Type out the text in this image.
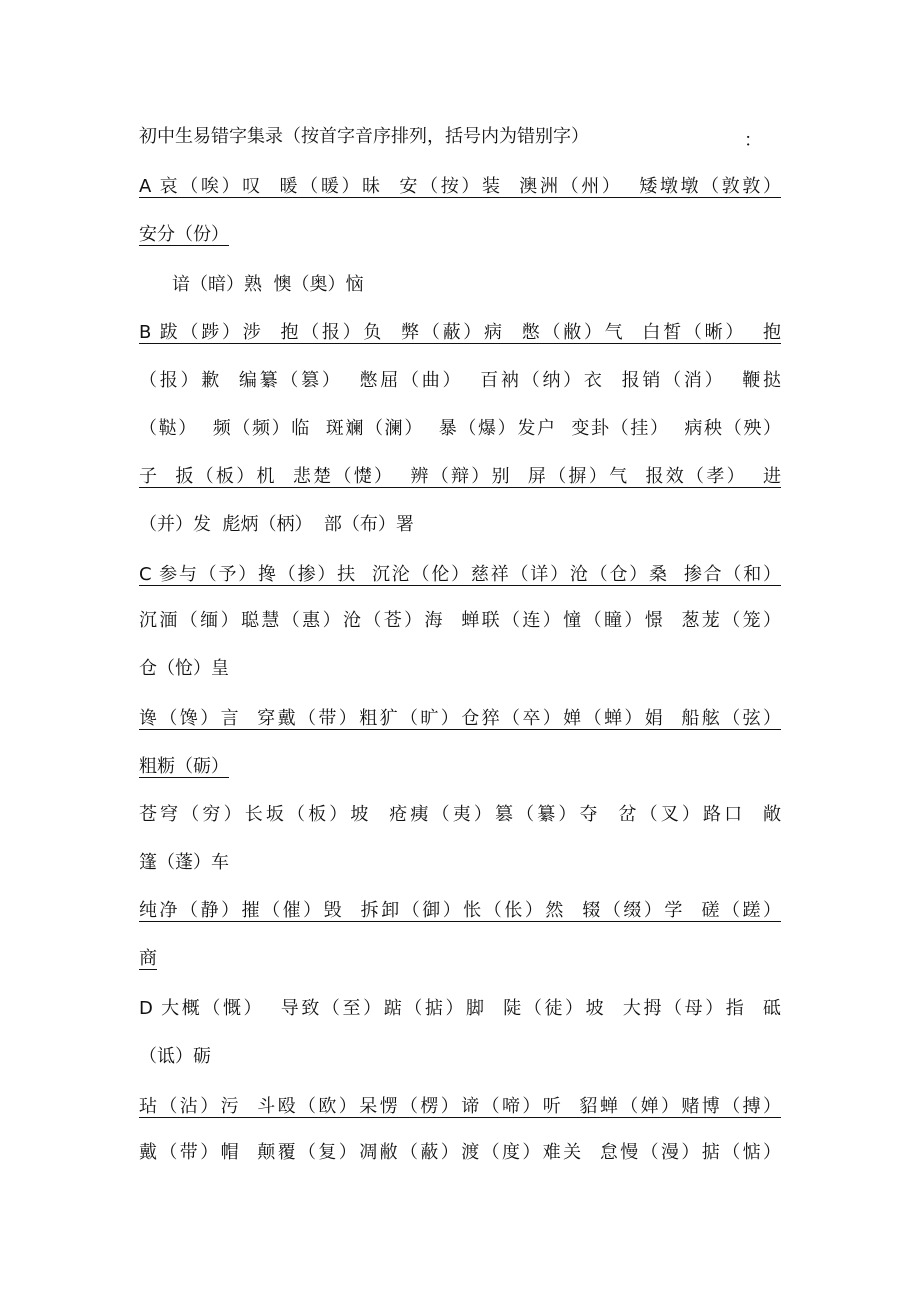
初中生易错字集录（按首字音序排列，括号内为错别字）	：
A 哀（唉）叹  暖（暖）昧  安（按）装  澳洲（州）  矮墩墩（敦敦）
安分（份）
谙（暗）熟  懊（奥）恼
B 跋（踄）涉  抱（报）负  弊（蔽）病  憋（敝）气  白皙（晰）  抱
（报）歉  编纂（篡）  憋屈（曲）  百衲（纳）衣  报销（消）  鞭挞
（鞑）  频（频）临  斑斓（澜）  暴（爆）发户  变卦（挂）  病秧（殃）
子  扳（板）机  悲楚（憷）  辨（辩）别  屏（摒）气  报效（孝）  进
（并）发  彪炳（柄）  部（布）署
C 参与（予）搀（掺）扶  沉沦（伦）慈祥（详）沧（仓）桑  掺合（和）
沉湎（缅）聪慧（惠）沧（苍）海  蝉联（连）憧（瞳）憬  葱茏（笼）
仓（怆）皇
谗（馋）言  穿戴（带）粗犷（旷）仓猝（卒）婵（蝉）娟  船舷（弦）
粗粝（砺）
苍穹（穷）长坂（板）坡  疮痍（夷）篡（纂）夺  岔（叉）路口  敞
篷（蓬）车
纯净（静）摧（催）毁  拆卸（御）怅（伥）然  辍（缀）学  磋（蹉）
商
D 大概（慨）  导致（至）踮（掂）脚  陡（徒）坡  大拇（母）指  砥
（诋）砺
玷（沾）污  斗殴（欧）呆愣（楞）谛（啼）听  貂蝉（婵）赌博（搏）
戴（带）帽  颠覆（复）凋敝（蔽）渡（度）难关  怠慢（漫）掂（惦）
